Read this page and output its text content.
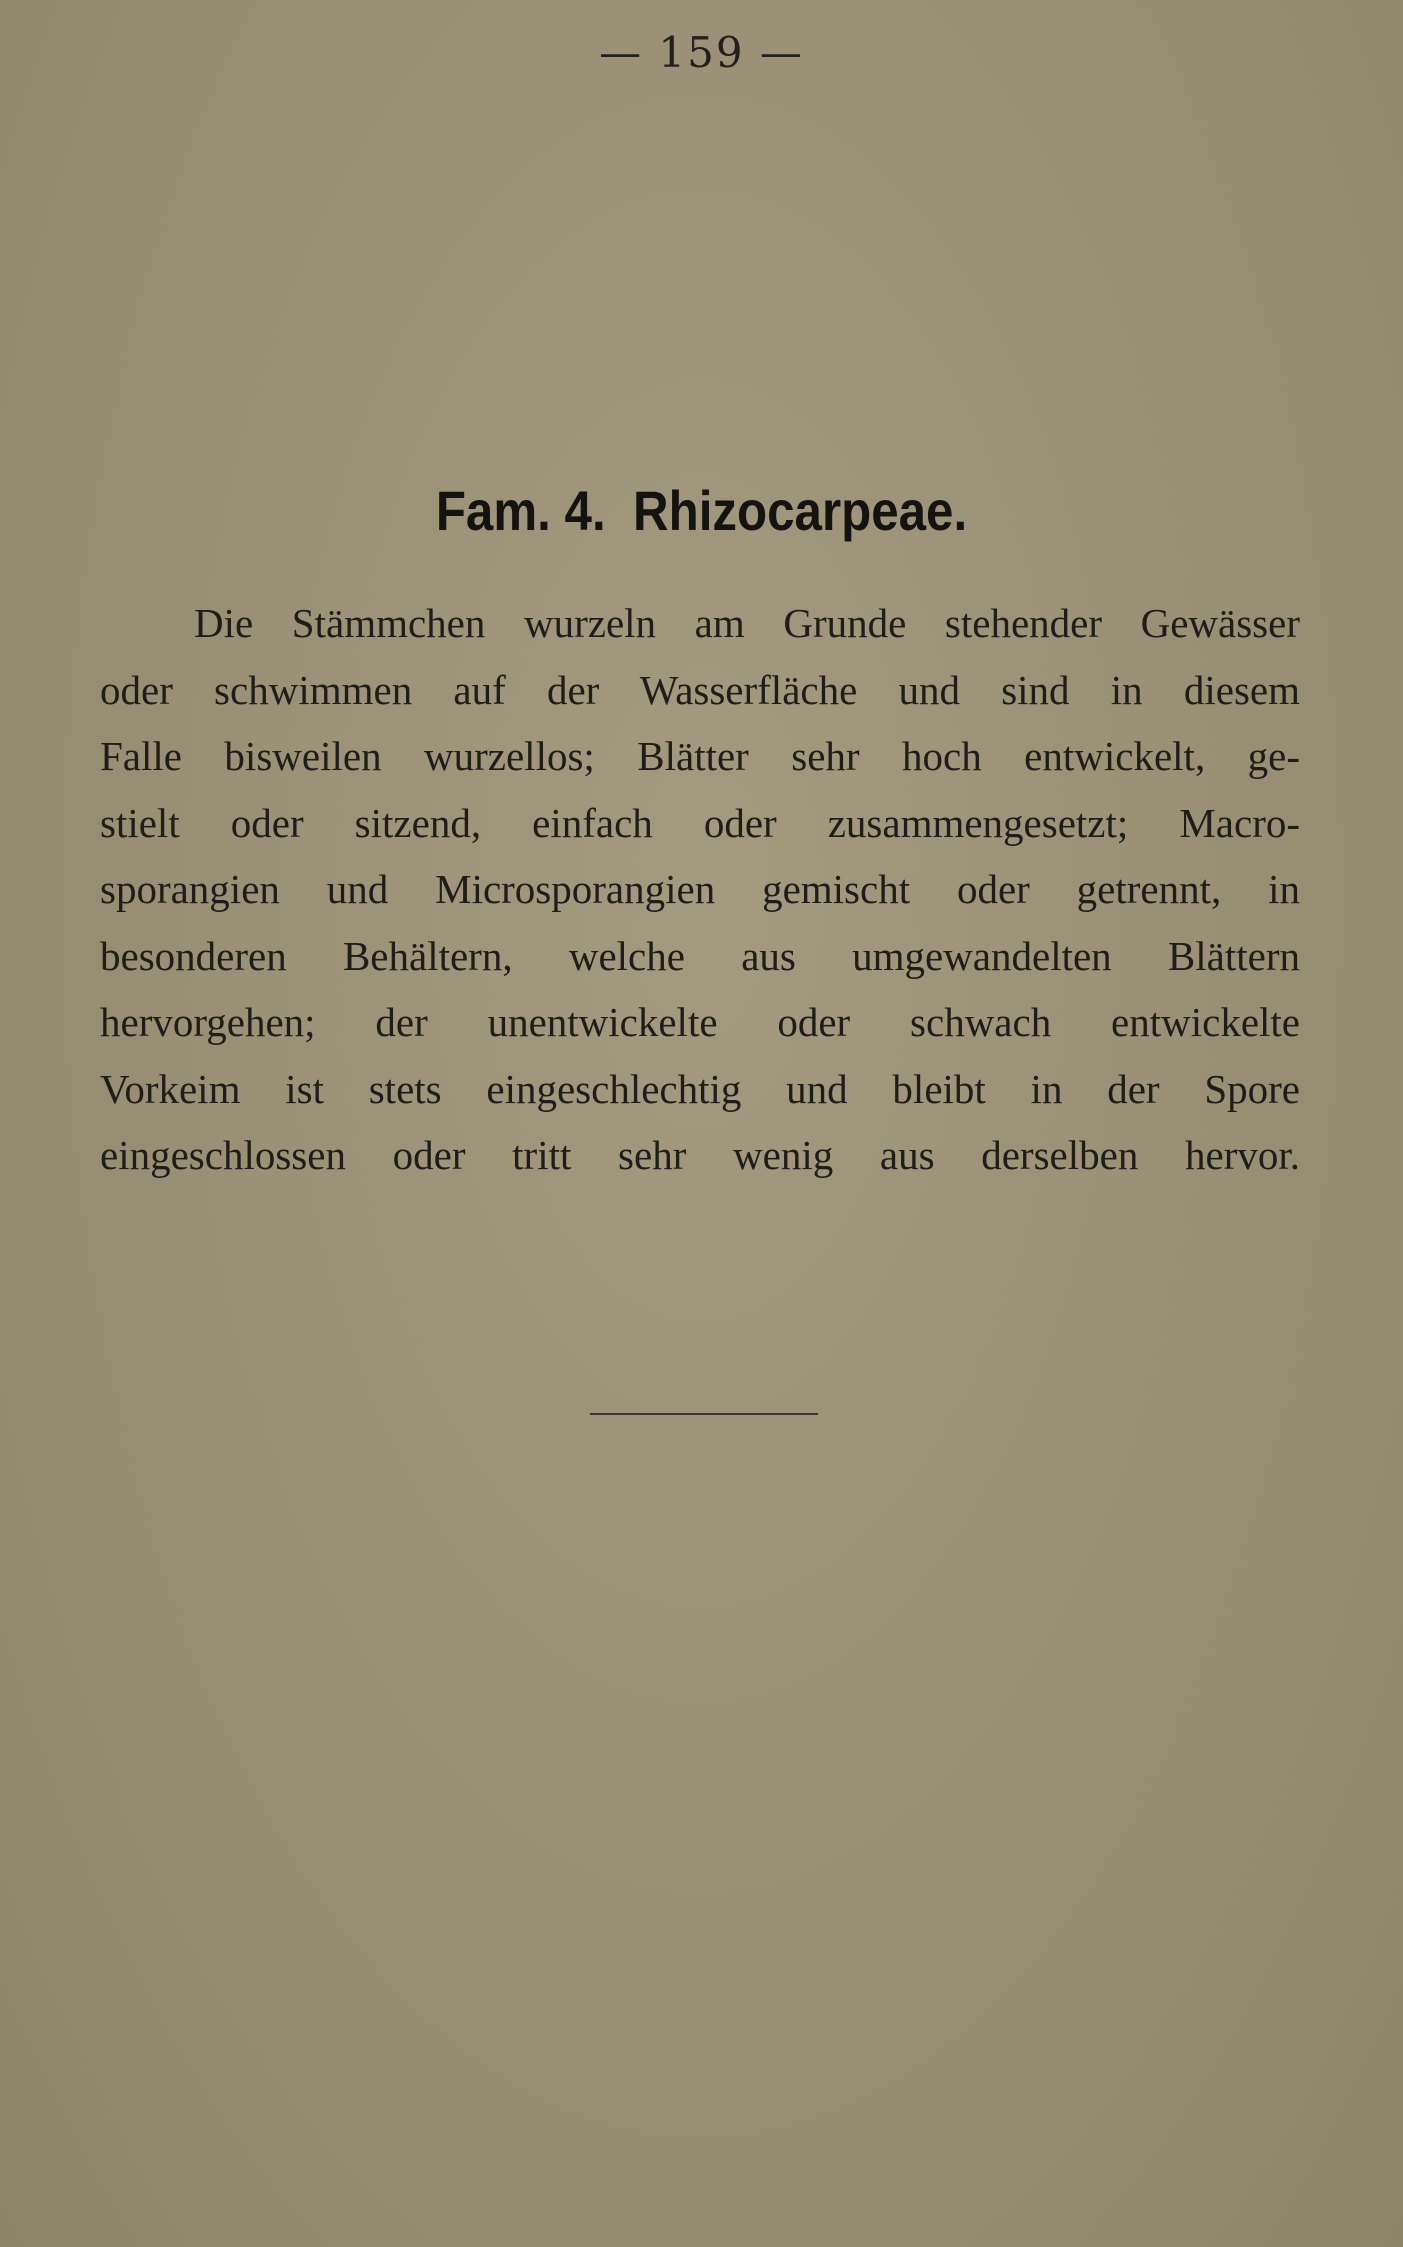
— 159 —
Fam. 4. Rhizocarpeae.
Die Stämmchen wurzeln am Grunde stehender Gewässer
oder schwimmen auf der Wasserfläche und sind in diesem
Falle bisweilen wurzellos; Blätter sehr hoch entwickelt, ge-
stielt oder sitzend, einfach oder zusammengesetzt; Macro-
sporangien und Microsporangien gemischt oder getrennt, in
besonderen Behältern, welche aus umgewandelten Blättern
hervorgehen; der unentwickelte oder schwach entwickelte
Vorkeim ist stets eingeschlechtig und bleibt in der Spore
eingeschlossen oder tritt sehr wenig aus derselben hervor.
